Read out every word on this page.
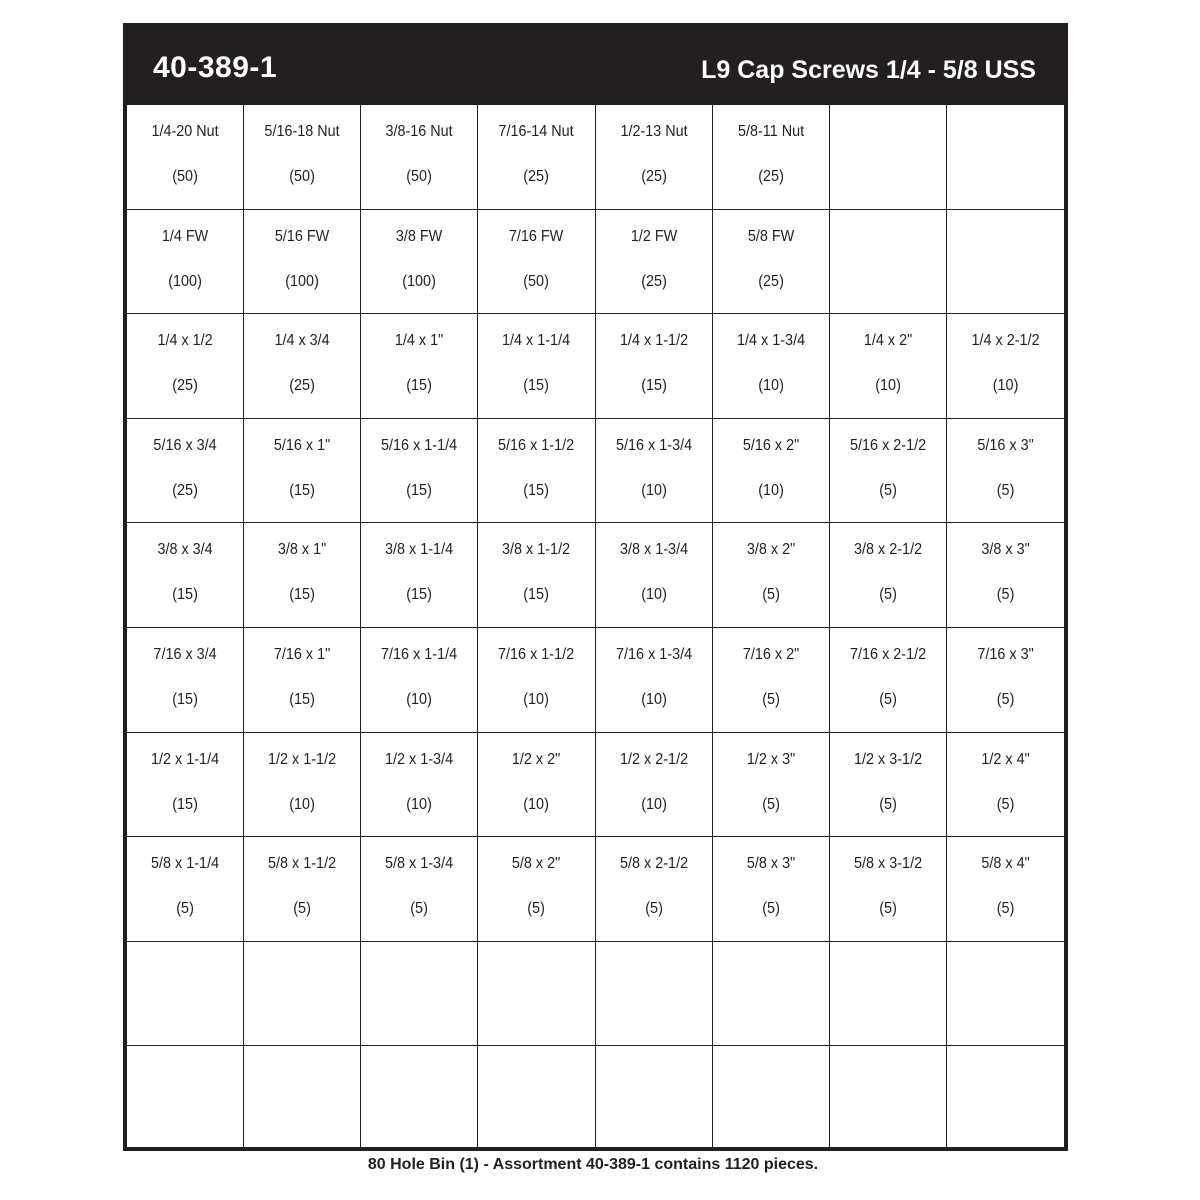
40-389-1	L9 Cap Screws 1/4 - 5/8 USS
1/4-20 Nut
(50)
5/16-18 Nut
(50)
3/8-16 Nut
(50)
7/16-14 Nut
(25)
1/2-13 Nut
(25)
5/8-11 Nut
(25)
1/4 FW
(100)
5/16 FW
(100)
3/8 FW
(100)
7/16 FW
(50)
1/2 FW
(25)
5/8 FW
(25)
1/4 x 1/2
(25)
1/4 x 3/4
(25)
1/4 x 1"
(15)
1/4 x 1-1/4
(15)
1/4 x 1-1/2
(15)
1/4 x 1-3/4
(10)
1/4 x 2"
(10)
1/4 x 2-1/2
(10)
5/16 x 3/4
(25)
5/16 x 1"
(15)
5/16 x 1-1/4
(15)
5/16 x 1-1/2
(15)
5/16 x 1-3/4
(10)
5/16 x 2"
(10)
5/16 x 2-1/2
(5)
5/16 x 3"
(5)
3/8 x 3/4
(15)
3/8 x 1"
(15)
3/8 x 1-1/4
(15)
3/8 x 1-1/2
(15)
3/8 x 1-3/4
(10)
3/8 x 2"
(5)
3/8 x 2-1/2
(5)
3/8 x 3"
(5)
7/16 x 3/4
(15)
7/16 x 1"
(15)
7/16 x 1-1/4
(10)
7/16 x 1-1/2
(10)
7/16 x 1-3/4
(10)
7/16 x 2"
(5)
7/16 x 2-1/2
(5)
7/16 x 3"
(5)
1/2 x 1-1/4
(15)
1/2 x 1-1/2
(10)
1/2 x 1-3/4
(10)
1/2 x 2"
(10)
1/2 x 2-1/2
(10)
1/2 x 3"
(5)
1/2 x 3-1/2
(5)
1/2 x 4"
(5)
5/8 x 1-1/4
(5)
5/8 x 1-1/2
(5)
5/8 x 1-3/4
(5)
5/8 x 2"
(5)
5/8 x 2-1/2
(5)
5/8 x 3"
(5)
5/8 x 3-1/2
(5)
5/8 x 4"
(5)
80 Hole Bin (1) - Assortment 40-389-1 contains 1120 pieces.
